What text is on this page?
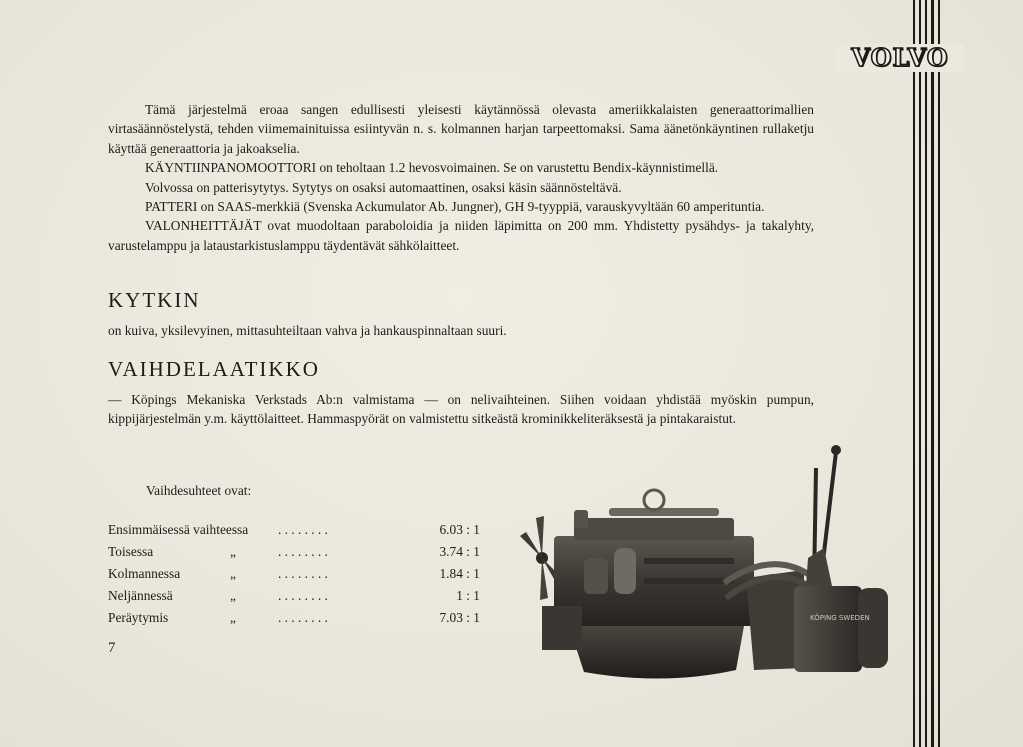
VOLVO

Tämä järjestelmä eroaa sangen edullisesti yleisesti käytännössä olevasta ameriikkalaisten generaattorimallien virtasäännöstelystä, tehden viimemainituissa esiintyvän n. s. kolmannen harjan tarpeettomaksi. Sama äänetönkäyntinen rullaketju käyttää generaattoria ja jakoakselia.

KÄYNTIINPANOMOOTTORI on teholtaan 1.2 hevosvoimainen. Se on varustettu Bendix-käynnistimellä.

Volvossa on patterisytytys. Sytytys on osaksi automaattinen, osaksi käsin säännösteltävä.

PATTERI on SAAS-merkkiä (Svenska Ackumulator Ab. Jungner), GH 9-tyyppiä, varauskyvyltään 60 amperituntia.

VALONHEITTÄJÄT ovat muodoltaan paraboloidia ja niiden läpimitta on 200 mm. Yhdistetty pysähdys- ja takalyhty, varustelamppu ja lataustarkistuslamppu täydentävät sähkölaitteet.

KYTKIN

on kuiva, yksilevyinen, mittasuhteiltaan vahva ja hankauspinnaltaan suuri.

VAIHDELAATIKKO

— Köpings Mekaniska Verkstads Ab:n valmistama — on nelivaihteinen. Siihen voidaan yhdistää myöskin pumpun, kippijärjestelmän y.m. käyttölaitteet. Hammaspyörät on valmistettu sitkeästä krominikkeliteräksestä ja pintakaraistut.

Vaihdesuhteet ovat:
Ensimmäisessä vaihteessa ........	6.03 : 1
Toisessa	„	........	3.74 : 1
Kolmannessa	„	........	1.84 : 1
Neljännessä	„	........	1 : 1
Peräytymis	„	........	7.03 : 1
7
KÖPING SWEDEN
